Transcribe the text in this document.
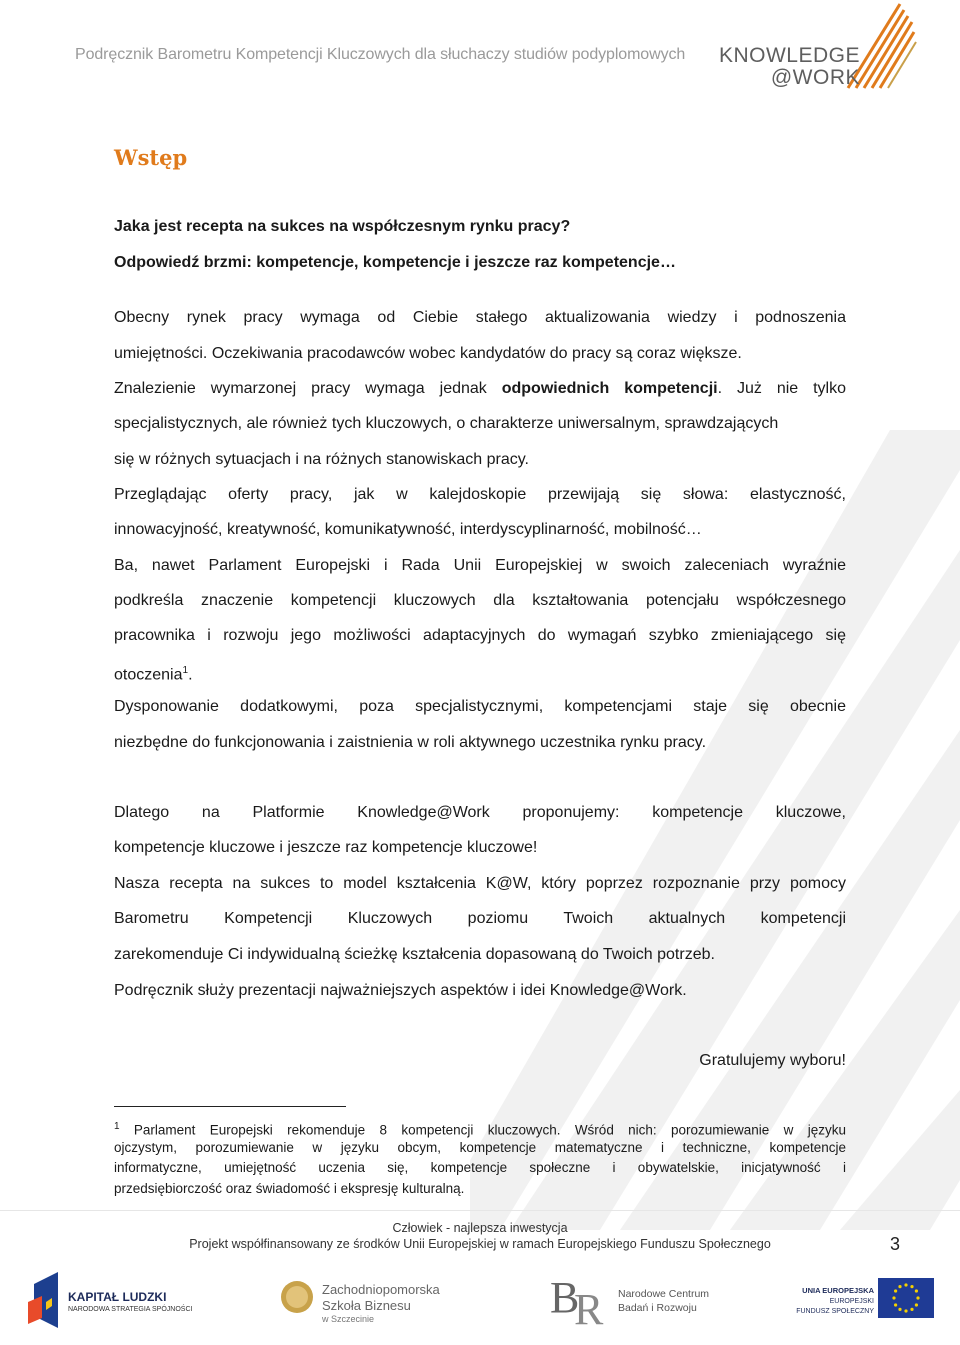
Podręcznik Barometru Kompetencji Kluczowych dla słuchaczy studiów podyplomowych KNOWLEDGE
@WORK
Wstęp
Jaka jest recepta na sukces na współczesnym rynku pracy?
Odpowiedź brzmi: kompetencje, kompetencje i jeszcze raz kompetencje…
Obecny rynek pracy wymaga od Ciebie stałego aktualizowania wiedzy i podnoszenia
umiejętności. Oczekiwania pracodawców wobec kandydatów do pracy są coraz większe.
Znalezienie wymarzonej pracy wymaga jednak odpowiednich kompetencji. Już nie tylko
specjalistycznych, ale również tych kluczowych, o charakterze uniwersalnym, sprawdzających
się w różnych sytuacjach i na różnych stanowiskach pracy.
Przeglądając oferty pracy, jak w kalejdoskopie przewijają się słowa: elastyczność,
innowacyjność, kreatywność, komunikatywność, interdyscyplinarność, mobilność…
Ba, nawet Parlament Europejski i Rada Unii Europejskiej w swoich zaleceniach wyraźnie
podkreśla znaczenie kompetencji kluczowych dla kształtowania potencjału współczesnego
pracownika i rozwoju jego możliwości adaptacyjnych do wymagań szybko zmieniającego się
otoczenia$^1$.
Dysponowanie dodatkowymi, poza specjalistycznymi, kompetencjami staje się obecnie
niezbędne do funkcjonowania i zaistnienia w roli aktywnego uczestnika rynku pracy.
Dlatego na Platformie Knowledge@Work proponujemy: kompetencje kluczowe,
kompetencje kluczowe i jeszcze raz kompetencje kluczowe!
Nasza recepta na sukces to model kształcenia K@W, który poprzez rozpoznanie przy pomocy
Barometru Kompetencji Kluczowych poziomu Twoich aktualnych kompetencji
zarekomenduje Ci indywidualną ścieżkę kształcenia dopasowaną do Twoich potrzeb.
Podręcznik służy prezentacji najważniejszych aspektów i idei Knowledge@Work.
Gratulujemy wyboru!
$^1$ Parlament Europejski rekomenduje 8 kompetencji kluczowych. Wśród nich: porozumiewanie w języku
ojczystym, porozumiewanie w języku obcym, kompetencje matematyczne i techniczne, kompetencje
informatyczne, umiejętność uczenia się, kompetencje społeczne i obywatelskie, inicjatywność i
przedsiębiorczość oraz świadomość i ekspresję kulturalną.
Człowiek - najlepsza inwestycja
Projekt współfinansowany ze środków Unii Europejskiej w ramach Europejskiego Funduszu Społecznego	3
KAPITAŁ LUDZKI
NARODOWA STRATEGIA SPÓJNOŚCI
Zachodniopomorska
Szkoła Biznesu
w Szczecinie	B
R Narodowe Centrum
Badań i Rozwoju
UNIA EUROPEJSKA
EUROPEJSKI
FUNDUSZ SPOŁECZNY
